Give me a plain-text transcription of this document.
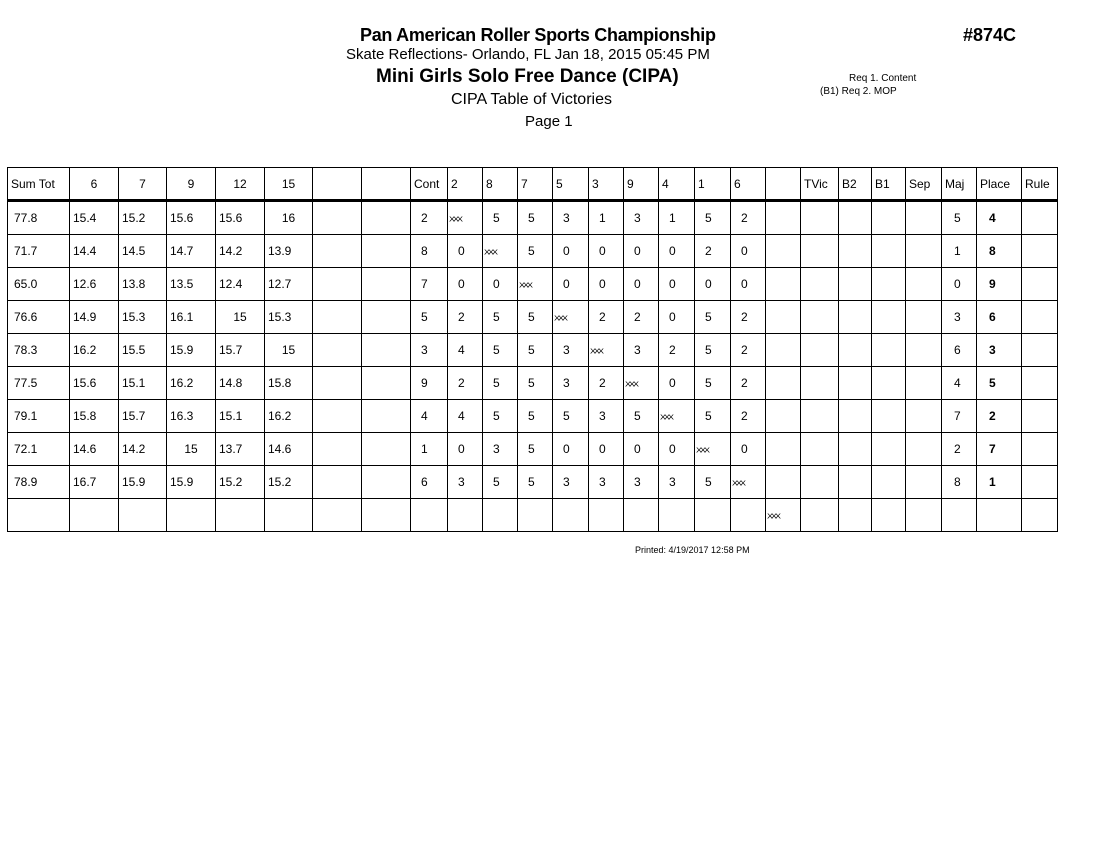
Pan American Roller Sports Championship	#874C
Skate Reflections- Orlando, FL Jan 18, 2015 05:45 PM
Mini Girls Solo Free Dance (CIPA)
CIPA Table of Victories
Page 1
Req 1. Content
(B1) Req 2. MOP
Sum Tot	6	7	9	12	15			Cont	2	8	7	5	3	9	4	1	6		TVic	B2	B1	Sep	Maj	Place	Rule
77.8	15.4	15.2	15.6	15.6	16			2	XXX	5	5	3	1	3	1	5	2						5	4	
71.7	14.4	14.5	14.7	14.2	13.9			8	0	XXX	5	0	0	0	0	2	0						1	8	
65.0	12.6	13.8	13.5	12.4	12.7			7	0	0	XXX	0	0	0	0	0	0						0	9	
76.6	14.9	15.3	16.1	15	15.3			5	2	5	5	XXX	2	2	0	5	2						3	6	
78.3	16.2	15.5	15.9	15.7	15			3	4	5	5	3	XXX	3	2	5	2						6	3	
77.5	15.6	15.1	16.2	14.8	15.8			9	2	5	5	3	2	XXX	0	5	2						4	5	
79.1	15.8	15.7	16.3	15.1	16.2			4	4	5	5	5	3	5	XXX	5	2						7	2	
72.1	14.6	14.2	15	13.7	14.6			1	0	3	5	0	0	0	0	XXX	0						2	7	
78.9	16.7	15.9	15.9	15.2	15.2			6	3	5	5	3	3	3	3	5	XXX						8	1	
																		XXX							
Printed: 4/19/2017 12:58 PM
